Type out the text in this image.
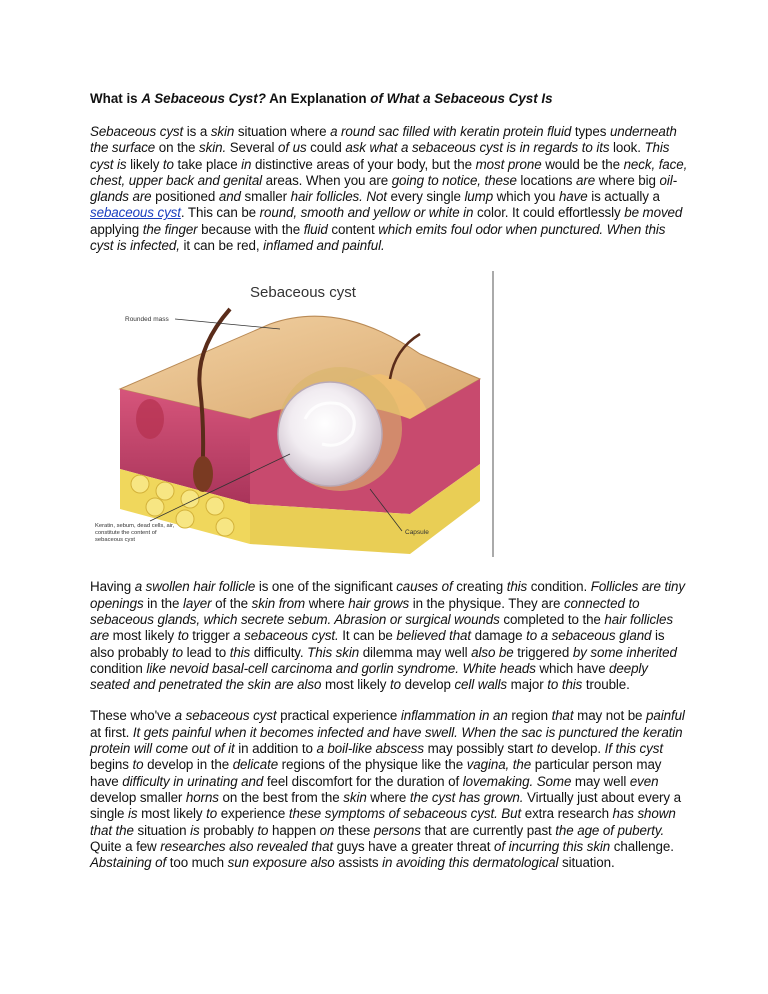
What is A Sebaceous Cyst? An Explanation of What a Sebaceous Cyst Is
Sebaceous cyst is a skin situation where a round sac filled with keratin protein fluid types underneath the surface on the skin. Several of us could ask what a sebaceous cyst is in regards to its look. This cyst is likely to take place in distinctive areas of your body, but the most prone would be the neck, face, chest, upper back and genital areas. When you are going to notice, these locations are where big oil-glands are positioned and smaller hair follicles. Not every single lump which you have is actually a sebaceous cyst. This can be round, smooth and yellow or white in color. It could effortlessly be moved applying the finger because with the fluid content which emits foul odor when punctured. When this cyst is infected, it can be red, inflamed and painful.
Sebaceous cyst
Rounded mass
Capsule
Keratin, sebum, dead cells, air,
constitute the content of
sebaceous cyst
Having a swollen hair follicle is one of the significant causes of creating this condition. Follicles are tiny openings in the layer of the skin from where hair grows in the physique. They are connected to sebaceous glands, which secrete sebum. Abrasion or surgical wounds completed to the hair follicles are most likely to trigger a sebaceous cyst. It can be believed that damage to a sebaceous gland is also probably to lead to this difficulty. This skin dilemma may well also be triggered by some inherited condition like nevoid basal-cell carcinoma and gorlin syndrome. White heads which have deeply seated and penetrated the skin are also most likely to develop cell walls major to this trouble.
These who've a sebaceous cyst practical experience inflammation in an region that may not be painful at first. It gets painful when it becomes infected and have swell. When the sac is punctured the keratin protein will come out of it in addition to a boil-like abscess may possibly start to develop. If this cyst begins to develop in the delicate regions of the physique like the vagina, the particular person may have difficulty in urinating and feel discomfort for the duration of lovemaking. Some may well even develop smaller horns on the best from the skin where the cyst has grown. Virtually just about every a single is most likely to experience these symptoms of sebaceous cyst. But extra research has shown that the situation is probably to happen on these persons that are currently past the age of puberty. Quite a few researches also revealed that guys have a greater threat of incurring this skin challenge. Abstaining of too much sun exposure also assists in avoiding this dermatological situation.
